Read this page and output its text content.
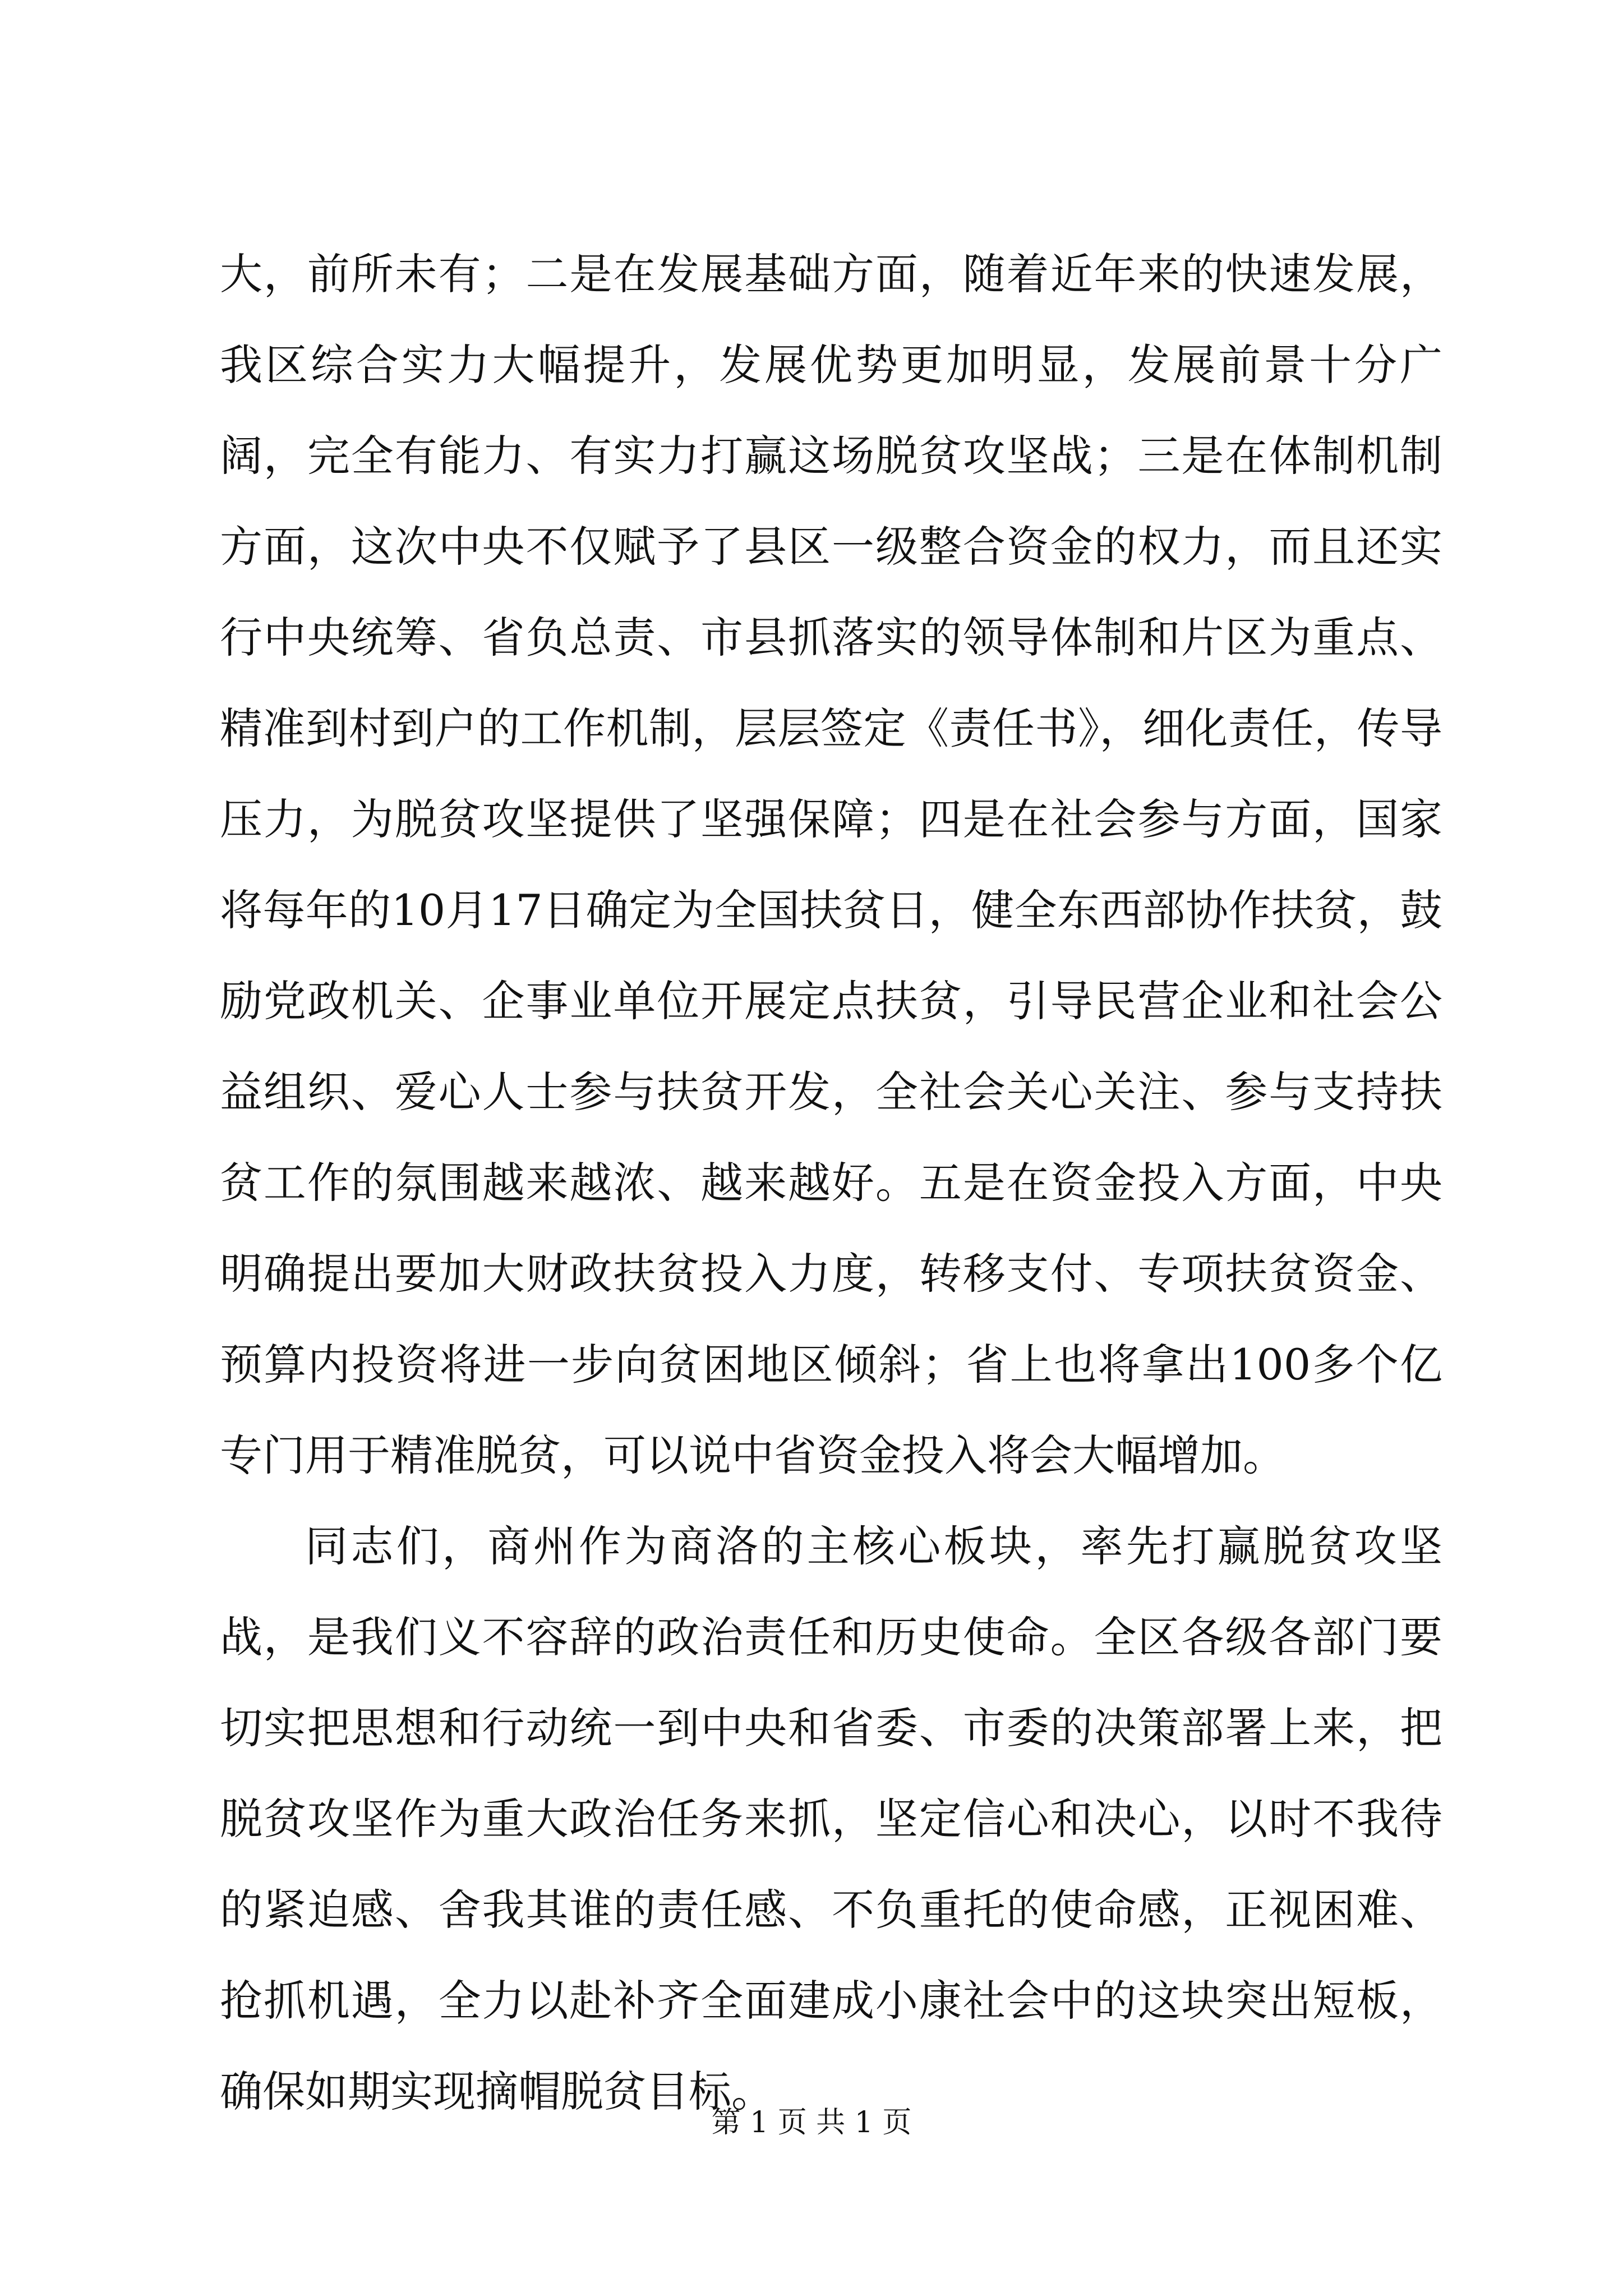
大，前所未有；二是在发展基础方面，随着近年来的快速发展，我区综合实力大幅提升，发展优势更加明显，发展前景十分广阔，完全有能力、有实力打赢这场脱贫攻坚战；三是在体制机制方面，这次中央不仅赋予了县区一级整合资金的权力，而且还实行中央统筹、省负总责、市县抓落实的领导体制和片区为重点、精准到村到户的工作机制，层层签定《责任书》，细化责任，传导压力，为脱贫攻坚提供了坚强保障；四是在社会参与方面，国家将每年的10月17日确定为全国扶贫日，健全东西部协作扶贫，鼓励党政机关、企事业单位开展定点扶贫，引导民营企业和社会公益组织、爱心人士参与扶贫开发，全社会关心关注、参与支持扶贫工作的氛围越来越浓、越来越好。五是在资金投入方面，中央明确提出要加大财政扶贫投入力度，转移支付、专项扶贫资金、预算内投资将进一步向贫困地区倾斜；省上也将拿出100多个亿专门用于精准脱贫，可以说中省资金投入将会大幅增加。

同志们，商州作为商洛的主核心板块，率先打赢脱贫攻坚战，是我们义不容辞的政治责任和历史使命。全区各级各部门要切实把思想和行动统一到中央和省委、市委的决策部署上来，把脱贫攻坚作为重大政治任务来抓，坚定信心和决心，以时不我待的紧迫感、舍我其谁的责任感、不负重托的使命感，正视困难、抢抓机遇，全力以赴补齐全面建成小康社会中的这块突出短板，确保如期实现摘帽脱贫目标。

第 1 页 共 1 页
